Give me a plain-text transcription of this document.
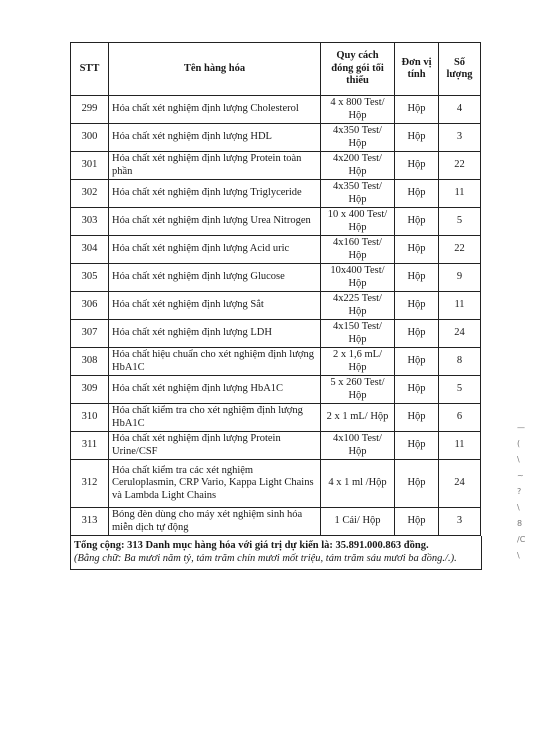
STT	Tên hàng hóa	Quy cách đóng gói tối thiểu	Đơn vị tính	Số lượng
299	Hóa chất xét nghiệm định lượng Cholesterol	4 x 800 Test/ Hộp	Hộp	4
300	Hóa chất xét nghiệm định lượng HDL	4x350 Test/ Hộp	Hộp	3
301	Hóa chất xét nghiệm định lượng Protein toàn phần	4x200 Test/ Hộp	Hộp	22
302	Hóa chất xét nghiệm định lượng Triglyceride	4x350 Test/ Hộp	Hộp	11
303	Hóa chất xét nghiệm định lượng Urea Nitrogen	10 x 400 Test/ Hộp	Hộp	5
304	Hóa chất xét nghiệm định lượng Acid uric	4x160 Test/ Hộp	Hộp	22
305	Hóa chất xét nghiệm định lượng Glucose	10x400 Test/ Hộp	Hộp	9
306	Hóa chất xét nghiệm định lượng Sắt	4x225 Test/ Hộp	Hộp	11
307	Hóa chất xét nghiệm định lượng LDH	4x150 Test/ Hộp	Hộp	24
308	Hóa chất hiệu chuẩn cho xét nghiệm định lượng HbA1C	2 x 1,6 mL/ Hộp	Hộp	8
309	Hóa chất xét nghiệm định lượng HbA1C	5 x 260 Test/ Hộp	Hộp	5
310	Hóa chất kiểm tra cho xét nghiệm định lượng HbA1C	2 x 1 mL/ Hộp	Hộp	6
311	Hóa chất xét nghiệm định lượng Protein Urine/CSF	4x100 Test/ Hộp	Hộp	11
312	Hóa chất kiểm tra các xét nghiệm Ceruloplasmin, CRP Vario, Kappa Light Chains và Lambda Light Chains	4 x 1 ml /Hộp	Hộp	24
313	Bóng đèn dùng cho máy xét nghiệm sinh hóa miễn dịch tự động	1 Cái/ Hộp	Hộp	3
Tổng cộng: 313 Danh mục hàng hóa với giá trị dự kiến là: 35.891.000.863 đồng.
(Bằng chữ: Ba mươi năm tỷ, tám trăm chín mươi mốt triệu, tám trăm sáu mươi ba đồng./.).
—
(
\
~
?
\
8
/C
\
